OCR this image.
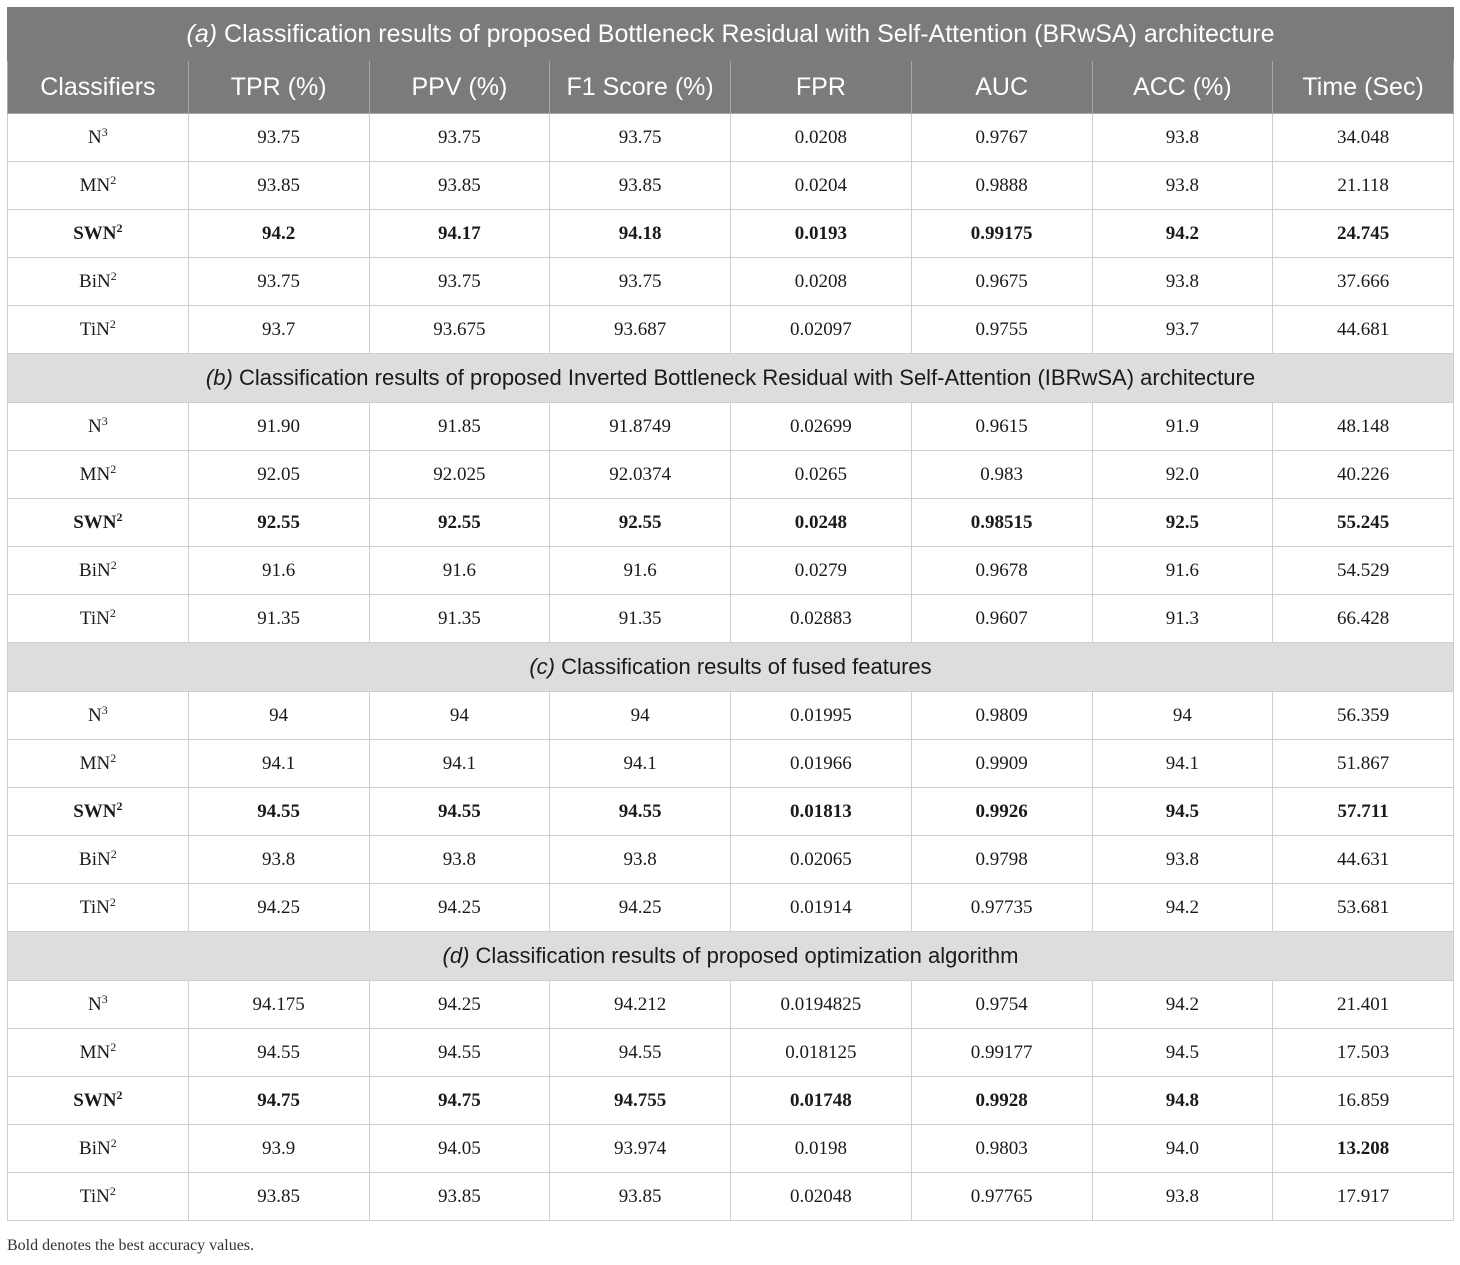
(a) Classification results of proposed Bottleneck Residual with Self-Attention (BRwSA) architecture							
Classifiers	TPR (%)	PPV (%)	F1 Score (%)	FPR	AUC	ACC (%)	Time (Sec)
$N^3$	93.75	93.75	93.75	0.0208	0.9767	93.8	34.048
$MN^2$	93.85	93.85	93.85	0.0204	0.9888	93.8	21.118
SWN$^2$	94.2	94.17	94.18	0.0193	0.99175	94.2	24.745
BiN$^2$	93.75	93.75	93.75	0.0208	0.9675	93.8	37.666
TiN$^2$	93.7	93.675	93.687	0.02097	0.9755	93.7	44.681
(b) Classification results of proposed Inverted Bottleneck Residual with Self-Attention (IBRwSA) architecture							
$N^3$	91.90	91.85	91.8749	0.02699	0.9615	91.9	48.148
$MN^2$	92.05	92.025	92.0374	0.0265	0.983	92.0	40.226
SWN$^2$	92.55	92.55	92.55	0.0248	0.98515	92.5	55.245
BiN$^2$	91.6	91.6	91.6	0.0279	0.9678	91.6	54.529
TiN$^2$	91.35	91.35	91.35	0.02883	0.9607	91.3	66.428
(c) Classification results of fused features							
$N^3$	94	94	94	0.01995	0.9809	94	56.359
$MN^2$	94.1	94.1	94.1	0.01966	0.9909	94.1	51.867
SWN$^2$	94.55	94.55	94.55	0.01813	0.9926	94.5	57.711
BiN$^2$	93.8	93.8	93.8	0.02065	0.9798	93.8	44.631
TiN$^2$	94.25	94.25	94.25	0.01914	0.97735	94.2	53.681
(d) Classification results of proposed optimization algorithm							
$N^3$	94.175	94.25	94.212	0.0194825	0.9754	94.2	21.401
$MN^2$	94.55	94.55	94.55	0.018125	0.99177	94.5	17.503
SWN$^2$	94.75	94.75	94.755	0.01748	0.9928	94.8	16.859
BiN$^2$	93.9	94.05	93.974	0.0198	0.9803	94.0	13.208
TiN$^2$	93.85	93.85	93.85	0.02048	0.97765	93.8	17.917
Bold denotes the best accuracy values.
